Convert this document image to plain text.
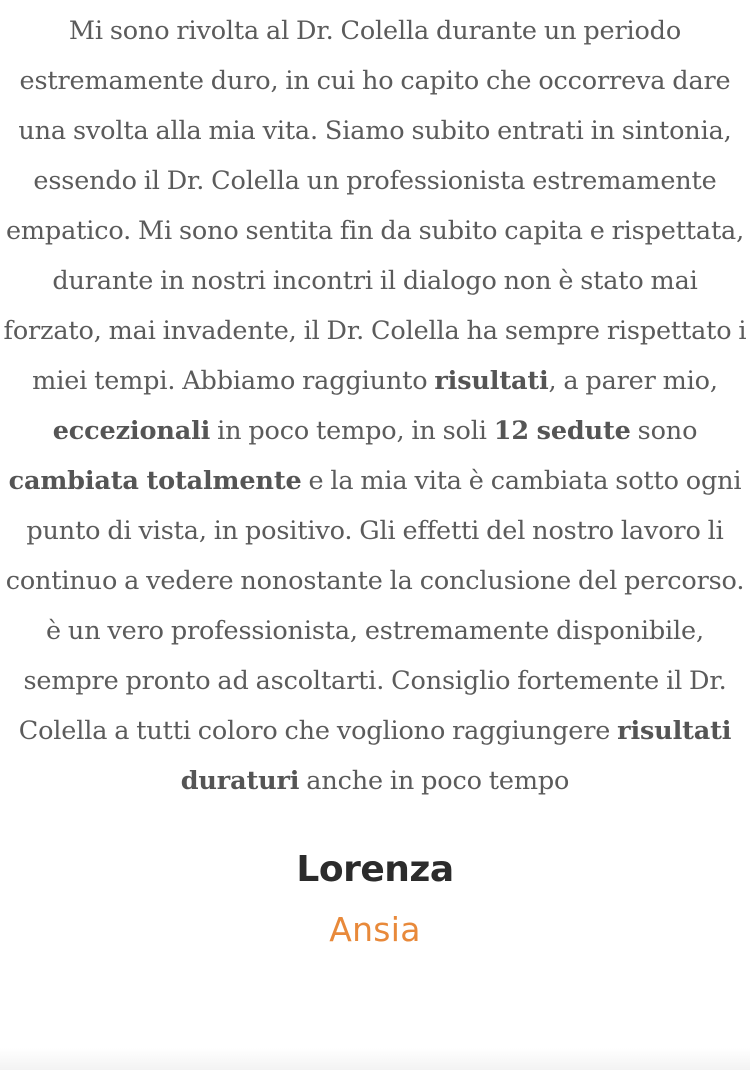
Mi sono rivolta al Dr. Colella durante un periodo estremamente duro, in cui ho capito che occorreva dare una svolta alla mia vita. Siamo subito entrati in sintonia, essendo il Dr. Colella un professionista estremamente empatico. Mi sono sentita fin da subito capita e rispettata, durante in nostri incontri il dialogo non è stato mai forzato, mai invadente, il Dr. Colella ha sempre rispettato i miei tempi. Abbiamo raggiunto risultati, a parer mio, eccezionali in poco tempo, in soli 12 sedute sono cambiata totalmente e la mia vita è cambiata sotto ogni punto di vista, in positivo. Gli effetti del nostro lavoro li continuo a vedere nonostante la conclusione del percorso. è un vero professionista, estremamente disponibile, sempre pronto ad ascoltarti. Consiglio fortemente il Dr. Colella a tutti coloro che vogliono raggiungere risultati duraturi anche in poco tempo

Lorenza

Ansia
